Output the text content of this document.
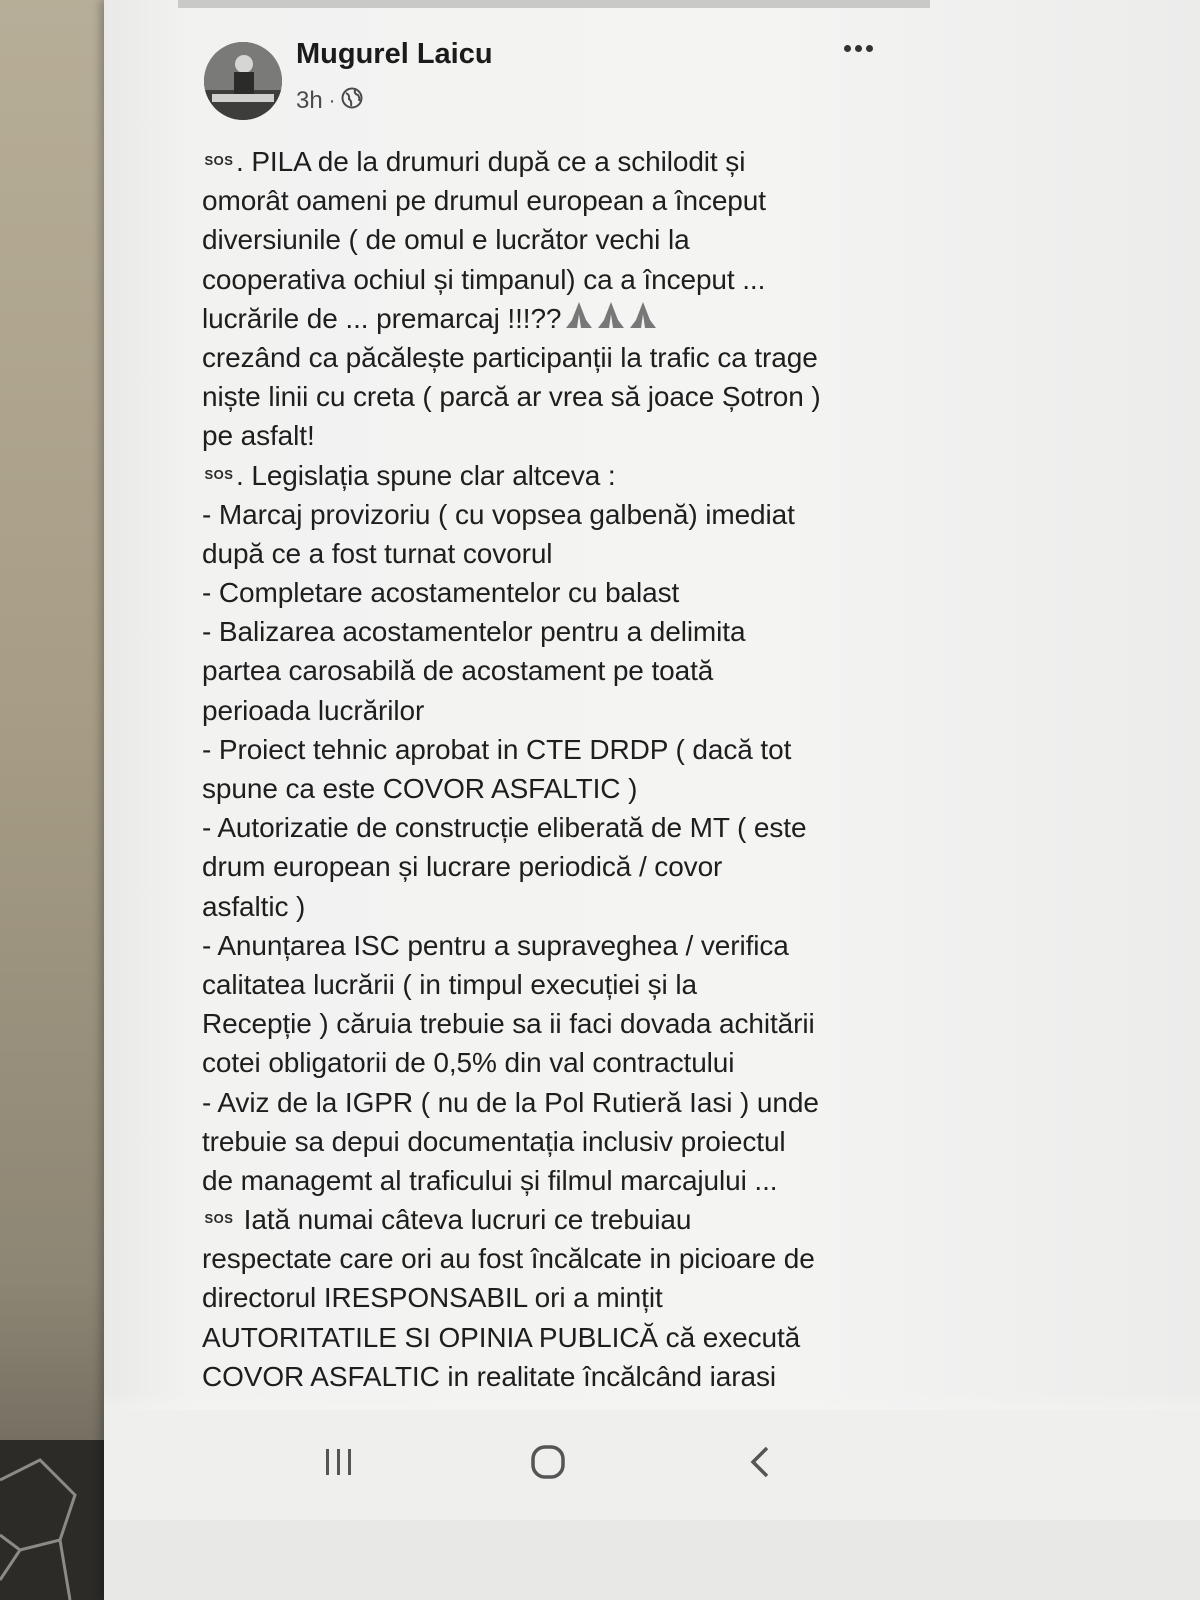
Mugurel Laicu
3h ·
SOS. PILA de la drumuri după ce a schilodit și
omorât oameni pe drumul european a început
diversiunile ( de omul e lucrător vechi la
cooperativa ochiul și timpanul) ca a început ...
lucrările de ... premarcaj !!!??
crezând ca păcălește participanții la trafic ca trage
niște linii cu creta ( parcă ar vrea să joace Șotron )
pe asfalt!
SOS. Legislația spune clar altceva :
- Marcaj provizoriu ( cu vopsea galbenă) imediat
după ce a fost turnat covorul
- Completare acostamentelor cu balast
- Balizarea acostamentelor pentru a delimita
partea carosabilă de acostament pe toată
perioada lucrărilor
- Proiect tehnic aprobat in CTE DRDP ( dacă tot
spune ca este COVOR ASFALTIC )
- Autorizatie de construcție eliberată de MT ( este
drum european și lucrare periodică / covor
asfaltic )
- Anunțarea ISC pentru a supraveghea / verifica
calitatea lucrării ( in timpul execuției și la
Recepție ) căruia trebuie sa ii faci dovada achitării
cotei obligatorii de 0,5% din val contractului
- Aviz de la IGPR ( nu de la Pol Rutieră Iasi ) unde
trebuie sa depui documentația inclusiv proiectul
de managemt al traficului și filmul marcajului ...
SOS Iată numai câteva lucruri ce trebuiau
respectate care ori au fost încălcate in picioare de
directorul IRESPONSABIL ori a mințit
AUTORITATILE SI OPINIA PUBLICĂ că execută
COVOR ASFALTIC in realitate încălcând iarasi
